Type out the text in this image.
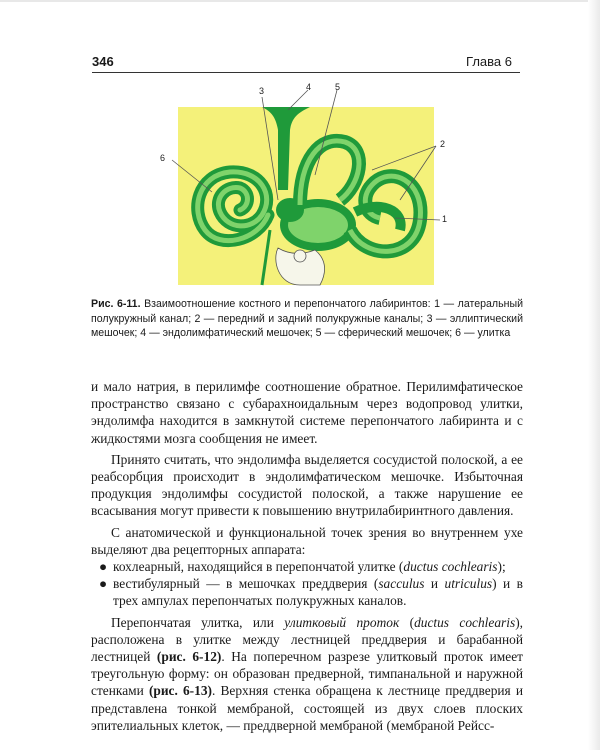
346	Глава 6
3	4	5
6
2
1
Рис. 6-11. Взаимоотношение костного и перепончатого лабиринтов: 1 — латеральный полукружный канал; 2 — передний и задний полукружные каналы; 3 — эллиптический мешочек; 4 — эндолимфатический мешочек; 5 — сферический мешочек; 6 — улитка

и мало натрия, в перилимфе соотношение обратное. Перилимфатическое пространство связано с субарахноидальным через водопровод улитки, эндолимфа находится в замкнутой системе перепончатого лабиринта и с жидкостями мозга сообщения не имеет.

Принято считать, что эндолимфа выделяется сосудистой полоской, а ее реабсорбция происходит в эндолимфатическом мешочке. Избыточная продукция эндолимфы сосудистой полоской, а также нарушение ее всасывания могут привести к повышению внутрилабиринтного давления.

С анатомической и функциональной точек зрения во внутреннем ухе выделяют два рецепторных аппарата:

● кохлеарный, находящийся в перепончатой улитке (ductus cochlearis);
● вестибулярный — в мешочках преддверия (sacculus и utriculus) и в трех ампулах перепончатых полукружных каналов.

Перепончатая улитка, или улитковый проток (ductus cochlearis), расположена в улитке между лестницей преддверия и барабанной лестницей (рис. 6-12). На поперечном разрезе улитковый проток имеет треугольную форму: он образован предверной, тимпанальной и наружной стенками (рис. 6-13). Верхняя стенка обращена к лестнице преддверия и представлена тонкой мембраной, состоящей из двух слоев плоских эпителиальных клеток, — преддверной мембраной (мембраной Рейсс-
